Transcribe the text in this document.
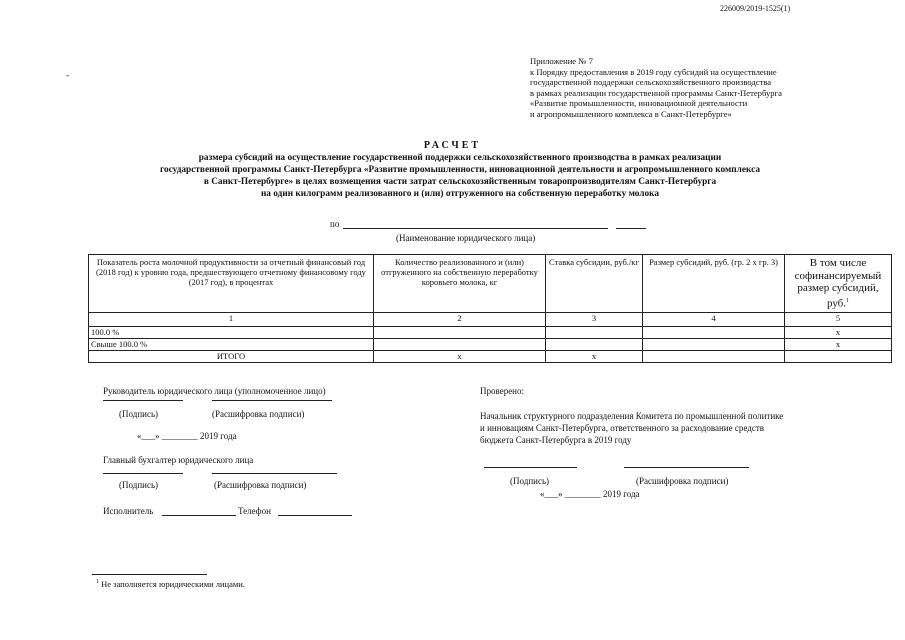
226009/2019-1525(1)
-
Приложение № 7
к Порядку предоставления в 2019 году субсидий на осуществление
государственной поддержки сельскохозяйственного производства
в рамках реализации государственной программы Санкт-Петербурга
«Развитие промышленности, инновационной деятельности
и агропромышленного комплекса в Санкт-Петербурге»
РАСЧЕТ
размера субсидий на осуществление государственной поддержки сельскохозяйственного производства в рамках реализации
государственной программы Санкт-Петербурга «Развитие промышленности, инновационной деятельности и агропромышленного комплекса
в Санкт-Петербурге» в целях возмещения части затрат сельскохозяйственным товаропроизводителям Санкт-Петербурга
на один килограмм реализованного и (или) отгруженного на собственную переработку молока
по
(Наименование юридического лица)
Показатель роста молочной продуктивности за отчетный финансовый год (2018 год) к уровню года, предшествующего отчетному финансовому году (2017 год), в процентах	Количество реализованного и (или) отгруженного на собственную переработку коровьего молока, кг	Ставка субсидии, руб./кг	Размер субсидий, руб. (гр. 2 х гр. 3)	В том числе софинансируемый размер субсидий, руб.$^1$
1	2	3	4	5
100.0 %				x
Свыше 100.0 %				x
ИТОГО	x	x		
Руководитель юридического лица (уполномоченное лицо)
(Подпись)	(Расшифровка подписи)
«___» ________ 2019 года
Главный бухгалтер юридического лица
(Подпись)	(Расшифровка подписи)
Исполнитель	Телефон
Проверено:
Начальник структурного подразделения Комитета по промышленной политике
и инновациям Санкт-Петербурга, ответственного за расходование средств
бюджета Санкт-Петербурга в 2019 году
(Подпись)	(Расшифровка подписи)
«___» ________ 2019 года
$^1$ Не заполняется юридическими лицами.
